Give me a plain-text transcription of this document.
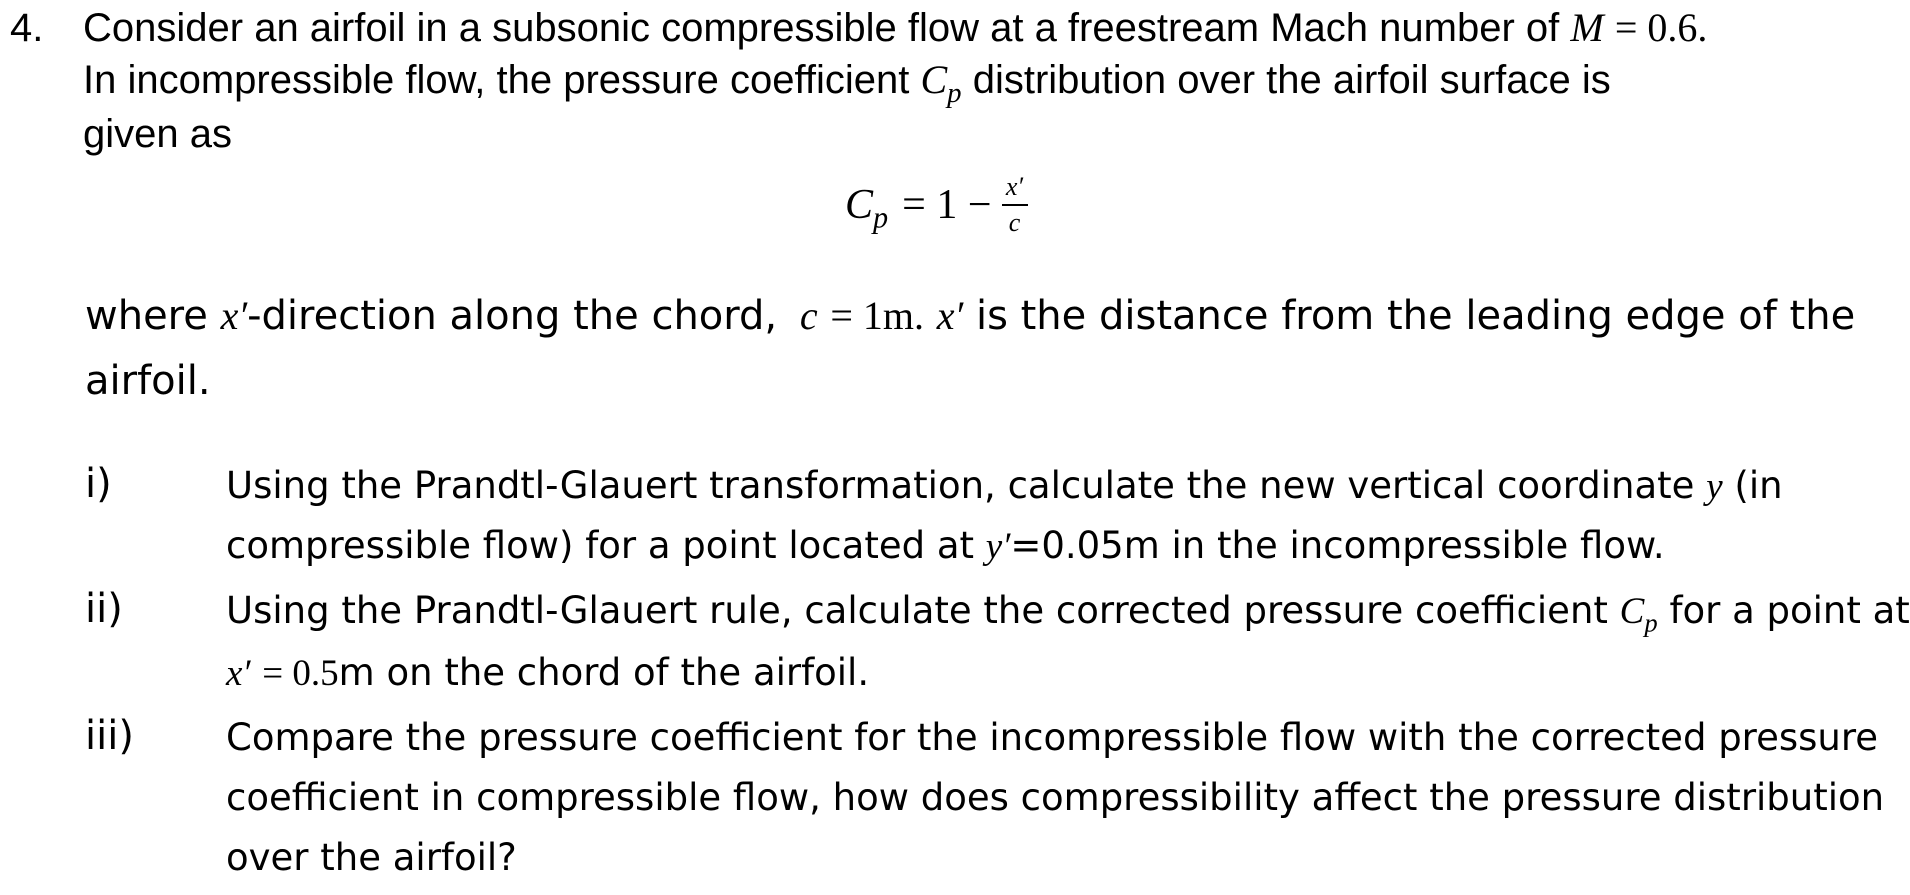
4. Consider an airfoil in a subsonic compressible flow at a freestream Mach number of M = 0.6.
In incompressible flow, the pressure coefficient $C_p$ distribution over the airfoil surface is
given as
$C_p = 1 - \frac{x'}{c}$
where x′-direction along the chord, c = 1m. x′ is the distance from the leading edge of the
airfoil.
i)	Using the Prandtl-Glauert transformation, calculate the new vertical coordinate y (in
compressible flow) for a point located at y′=0.05m in the incompressible flow.
ii)	Using the Prandtl-Glauert rule, calculate the corrected pressure coefficient $C_p$ for a point at
x′ = 0.5m on the chord of the airfoil.
iii) Compare the pressure coefficient for the incompressible flow with the corrected pressure
coefficient in compressible flow, how does compressibility affect the pressure distribution
over the airfoil?
